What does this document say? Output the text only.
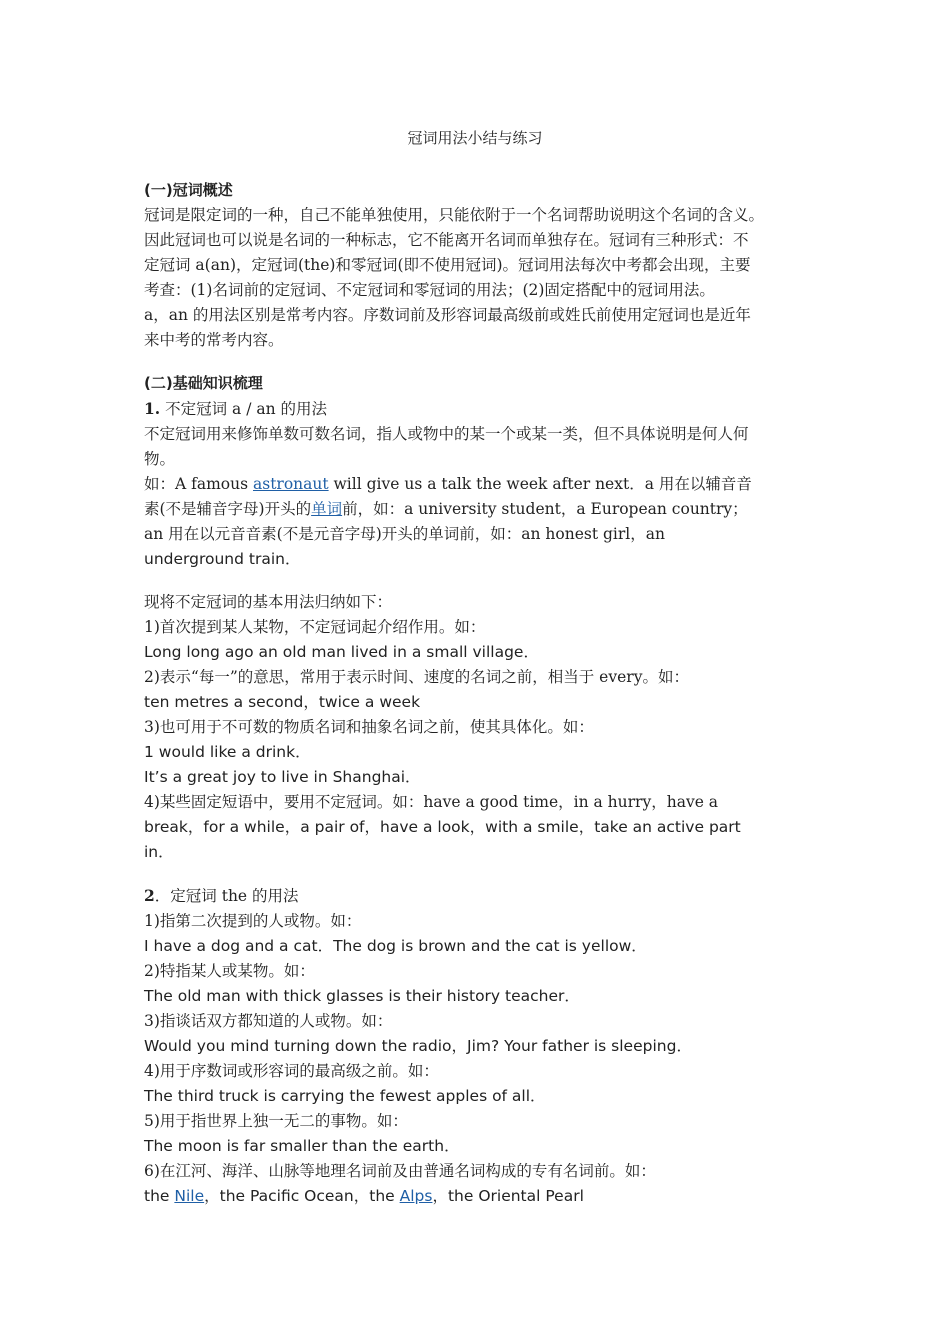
冠词用法小结与练习
(一)冠词概述

冠词是限定词的一种，自己不能单独使用，只能依附于一个名词帮助说明这个名词的含义。

因此冠词也可以说是名词的一种标志，它不能离开名词而单独存在。冠词有三种形式：不

定冠词 a(an)，定冠词(the)和零冠词(即不使用冠词)。冠词用法每次中考都会出现，主要

考查：(1)名词前的定冠词、不定冠词和零冠词的用法；(2)固定搭配中的冠词用法。

a，an 的用法区别是常考内容。序数词前及形容词最高级前或姓氏前使用定冠词也是近年

来中考的常考内容。

(二)基础知识梳理

1. 不定冠词 a / an 的用法

不定冠词用来修饰单数可数名词，指人或物中的某一个或某一类，但不具体说明是何人何

物。

如：A famous astronaut will give us a talk the week after next．a 用在以辅音音

素(不是辅音字母)开头的单词前，如：a university student，a European country；

an 用在以元音音素(不是元音字母)开头的单词前，如：an honest girl，an

underground train．

现将不定冠词的基本用法归纳如下：

1)首次提到某人某物，不定冠词起介绍作用。如：

Long long ago an old man lived in a small village．

2)表示“每一”的意思，常用于表示时间、速度的名词之前，相当于 every。如：

ten metres a second，twice a week

3)也可用于不可数的物质名词和抽象名词之前，使其具体化。如：

1 would like a drink．

It’s a great joy to live in Shanghai．

4)某些固定短语中，要用不定冠词。如：have a good time，in a hurry，have a

break，for a while，a pair of，have a look，with a smile，take an active part

in．

2．定冠词 the 的用法

1)指第二次提到的人或物。如：

I have a dog and a cat．The dog is brown and the cat is yellow．

2)特指某人或某物。如：

The old man with thick glasses is their history teacher．

3)指谈话双方都知道的人或物。如：

Would you mind turning down the radio，Jim? Your father is sleeping．

4)用于序数词或形容词的最高级之前。如：

The third truck is carrying the fewest apples of all．

5)用于指世界上独一无二的事物。如：

The moon is far smaller than the earth．

6)在江河、海洋、山脉等地理名词前及由普通名词构成的专有名词前。如：

the Nile，the Pacific Ocean，the Alps，the Oriental Pearl
